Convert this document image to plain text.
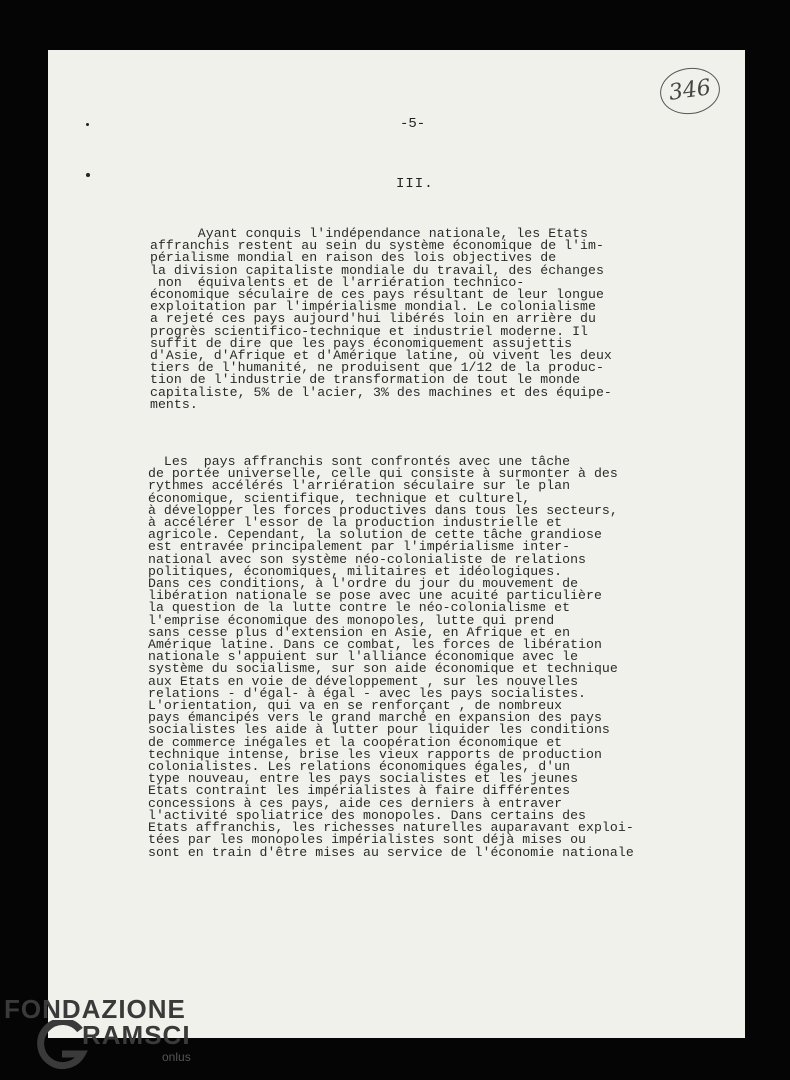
346
-5-
III.
Ayant conquis l'indépendance nationale, les Etats
affranchis restent au sein du système économique de l'im-
périalisme mondial en raison des lois objectives de
la division capitaliste mondiale du travail, des échanges
non  équivalents et de l'arriération technico-
économique séculaire de ces pays résultant de leur longue
exploitation par l'impérialisme mondial. Le colonialisme
a rejeté ces pays aujourd'hui libérés loin en arrière du
progrès scientifico-technique et industriel moderne. Il
suffit de dire que les pays économiquement assujettis
d'Asie, d'Afrique et d'Amérique latine, où vivent les deux
tiers de l'humanité, ne produisent que 1/12 de la produc-
tion de l'industrie de transformation de tout le monde
capitaliste, 5% de l'acier, 3% des machines et des équipe-
ments.
Les  pays affranchis sont confrontés avec une tâche
de portée universelle, celle qui consiste à surmonter à des
rythmes accélérés l'arriération séculaire sur le plan
économique, scientifique, technique et culturel,
à développer les forces productives dans tous les secteurs,
à accélérer l'essor de la production industrielle et
agricole. Cependant, la solution de cette tâche grandiose
est entravée principalement par l'impérialisme inter-
national avec son système néo-colonialiste de relations
politiques, économiques, militaires et idéologiques.
Dans ces conditions, à l'ordre du jour du mouvement de
libération nationale se pose avec une acuité particulière
la question de la lutte contre le néo-colonialisme et
l'emprise économique des monopoles, lutte qui prend
sans cesse plus d'extension en Asie, en Afrique et en
Amérique latine. Dans ce combat, les forces de libération
nationale s'appuient sur l'alliance économique avec le
système du socialisme, sur son aide économique et technique
aux Etats en voie de développement , sur les nouvelles
relations - d'égal- à égal - avec les pays socialistes.
L'orientation, qui va en se renforçant , de nombreux
pays émancipés vers le grand marché en expansion des pays
socialistes les aide à lutter pour liquider les conditions
de commerce inégales et la coopération économique et
technique intense, brise les vieux rapports de production
colonialistes. Les relations économiques égales, d'un
type nouveau, entre les pays socialistes et les jeunes
Etats contraint les impérialistes à faire différentes
concessions à ces pays, aide ces derniers à entraver
l'activité spoliatrice des monopoles. Dans certains des
Etats affranchis, les richesses naturelles auparavant exploi-
tées par les monopoles impérialistes sont déjà mises ou
sont en train d'être mises au service de l'économie nationale
FONDAZIONE
RAMSCI
onlus
